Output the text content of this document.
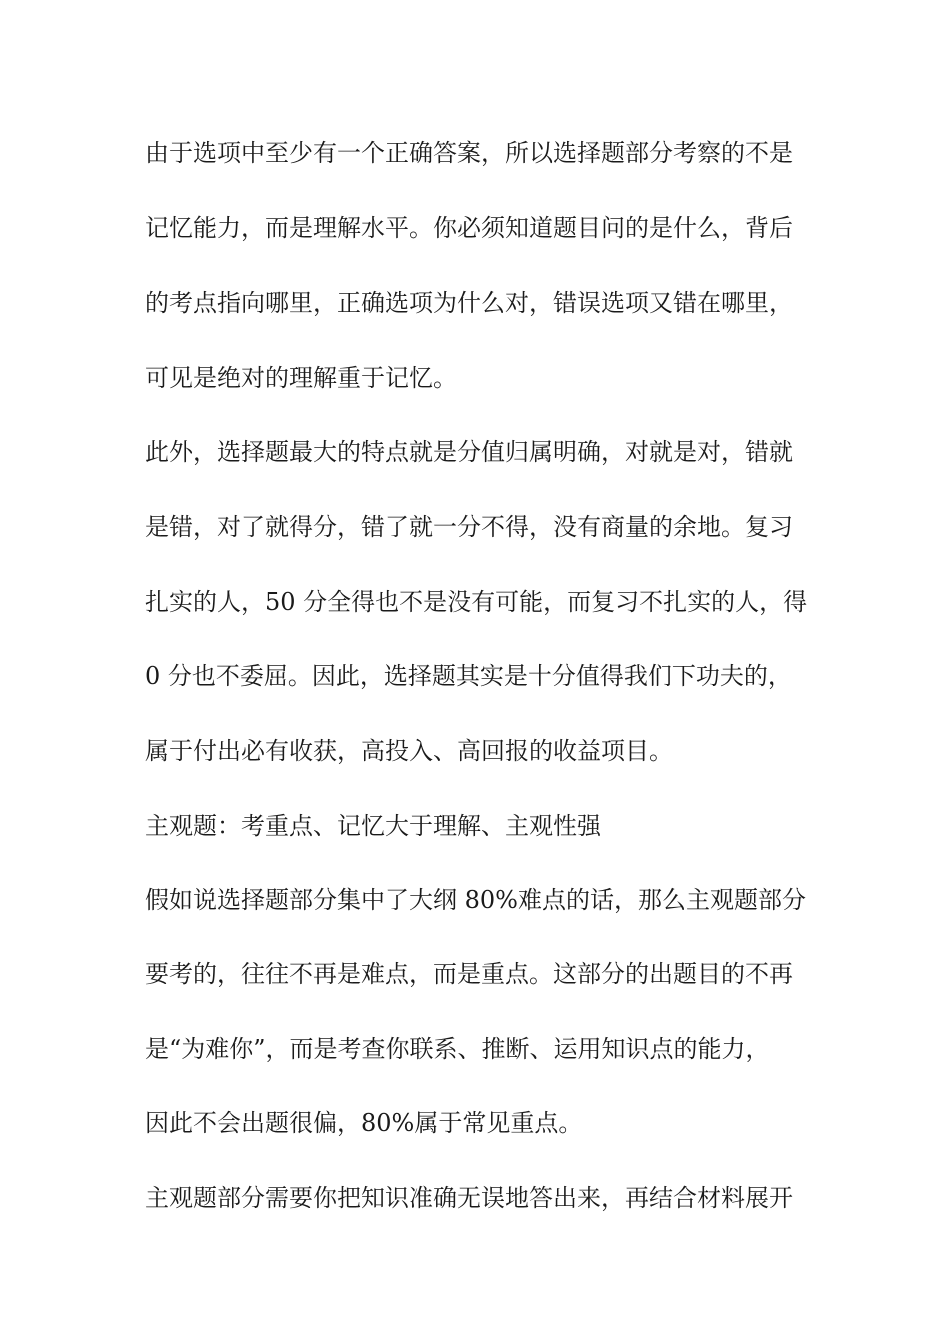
由于选项中至少有一个正确答案，所以选择题部分考察的不是
记忆能力，而是理解水平。你必须知道题目问的是什么，背后
的考点指向哪里，正确选项为什么对，错误选项又错在哪里，
可见是绝对的理解重于记忆。
此外，选择题最大的特点就是分值归属明确，对就是对，错就
是错，对了就得分，错了就一分不得，没有商量的余地。复习
扎实的人，50 分全得也不是没有可能，而复习不扎实的人，得
0 分也不委屈。因此，选择题其实是十分值得我们下功夫的，
属于付出必有收获，高投入、高回报的收益项目。
主观题：考重点、记忆大于理解、主观性强
假如说选择题部分集中了大纲 80%难点的话，那么主观题部分
要考的，往往不再是难点，而是重点。这部分的出题目的不再
是“为难你”，而是考查你联系、推断、运用知识点的能力，
因此不会出题很偏，80%属于常见重点。
主观题部分需要你把知识准确无误地答出来，再结合材料展开
